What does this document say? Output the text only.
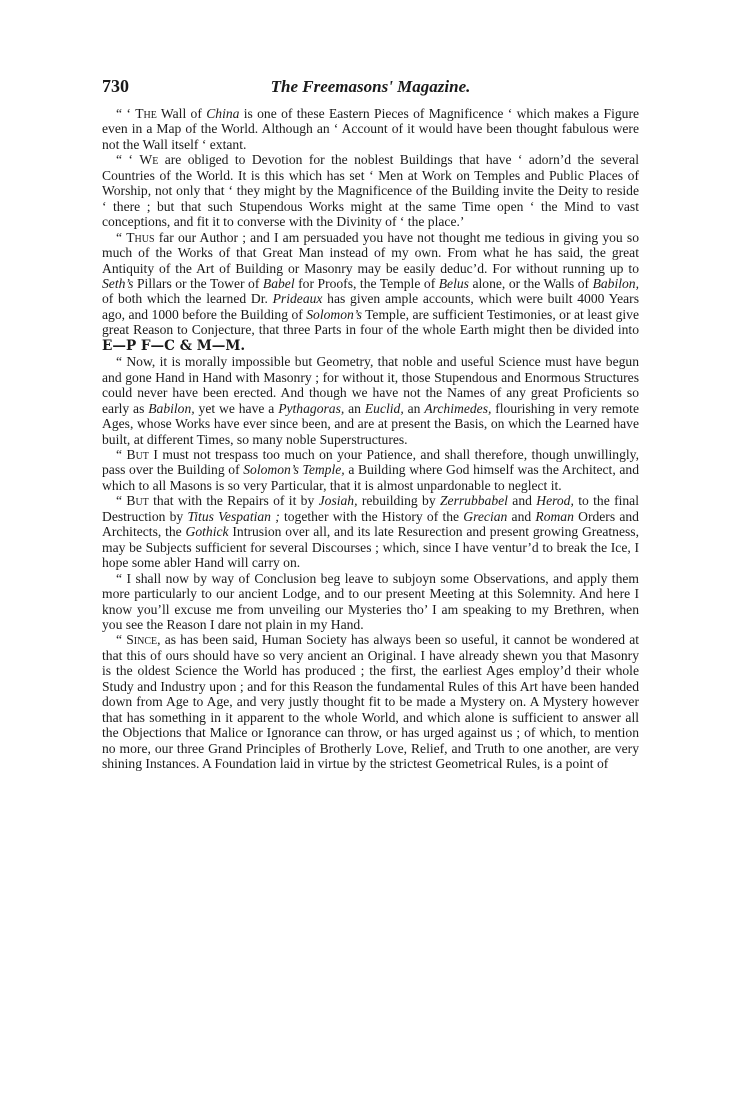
730	The Freemasons' Magazine.

“ ‘ The Wall of China is one of these Eastern Pieces of Magnificence ‘ which makes a Figure even in a Map of the World. Although an ‘ Account of it would have been thought fabulous were not the Wall itself ‘ extant.

“ ‘ We are obliged to Devotion for the noblest Buildings that have ‘ adorn’d the several Countries of the World. It is this which has set ‘ Men at Work on Temples and Public Places of Worship, not only that ‘ they might by the Magnificence of the Building invite the Deity to reside ‘ there ; but that such Stupendous Works might at the same Time open ‘ the Mind to vast conceptions, and fit it to converse with the Divinity of ‘ the place.’

“ Thus far our Author ; and I am persuaded you have not thought me tedious in giving you so much of the Works of that Great Man instead of my own. From what he has said, the great Antiquity of the Art of Building or Masonry may be easily deduc’d. For without running up to Seth’s Pillars or the Tower of Babel for Proofs, the Temple of Belus alone, or the Walls of Babilon, of both which the learned Dr. Prideaux has given ample accounts, which were built 4000 Years ago, and 1000 before the Building of Solomon’s Temple, are sufficient Testimonies, or at least give great Reason to Conjecture, that three Parts in four of the whole Earth might then be divided into E—P F—C & M—M.

“ Now, it is morally impossible but Geometry, that noble and useful Science must have begun and gone Hand in Hand with Masonry ; for without it, those Stupendous and Enormous Structures could never have been erected. And though we have not the Names of any great Proficients so early as Babilon, yet we have a Pythagoras, an Euclid, an Archimedes, flourishing in very remote Ages, whose Works have ever since been, and are at present the Basis, on which the Learned have built, at different Times, so many noble Superstructures.

“ But I must not trespass too much on your Patience, and shall therefore, though unwillingly, pass over the Building of Solomon’s Temple, a Building where God himself was the Architect, and which to all Masons is so very Particular, that it is almost unpardonable to neglect it.

“ But that with the Repairs of it by Josiah, rebuilding by Zerrubbabel and Herod, to the final Destruction by Titus Vespatian ; together with the History of the Grecian and Roman Orders and Architects, the Gothick Intrusion over all, and its late Resurection and present growing Greatness, may be Subjects sufficient for several Discourses ; which, since I have ventur’d to break the Ice, I hope some abler Hand will carry on.

“ I shall now by way of Conclusion beg leave to subjoyn some Observations, and apply them more particularly to our ancient Lodge, and to our present Meeting at this Solemnity. And here I know you’ll excuse me from unveiling our Mysteries tho’ I am speaking to my Brethren, when you see the Reason I dare not plain in my Hand.

“ Since, as has been said, Human Society has always been so useful, it cannot be wondered at that this of ours should have so very ancient an Original. I have already shewn you that Masonry is the oldest Science the World has produced ; the first, the earliest Ages employ’d their whole Study and Industry upon ; and for this Reason the fundamental Rules of this Art have been handed down from Age to Age, and very justly thought fit to be made a Mystery on. A Mystery however that has something in it apparent to the whole World, and which alone is sufficient to answer all the Objections that Malice or Ignorance can throw, or has urged against us ; of which, to mention no more, our three Grand Principles of Brotherly Love, Relief, and Truth to one another, are very shining Instances. A Foundation laid in virtue by the strictest Geometrical Rules, is a point of
